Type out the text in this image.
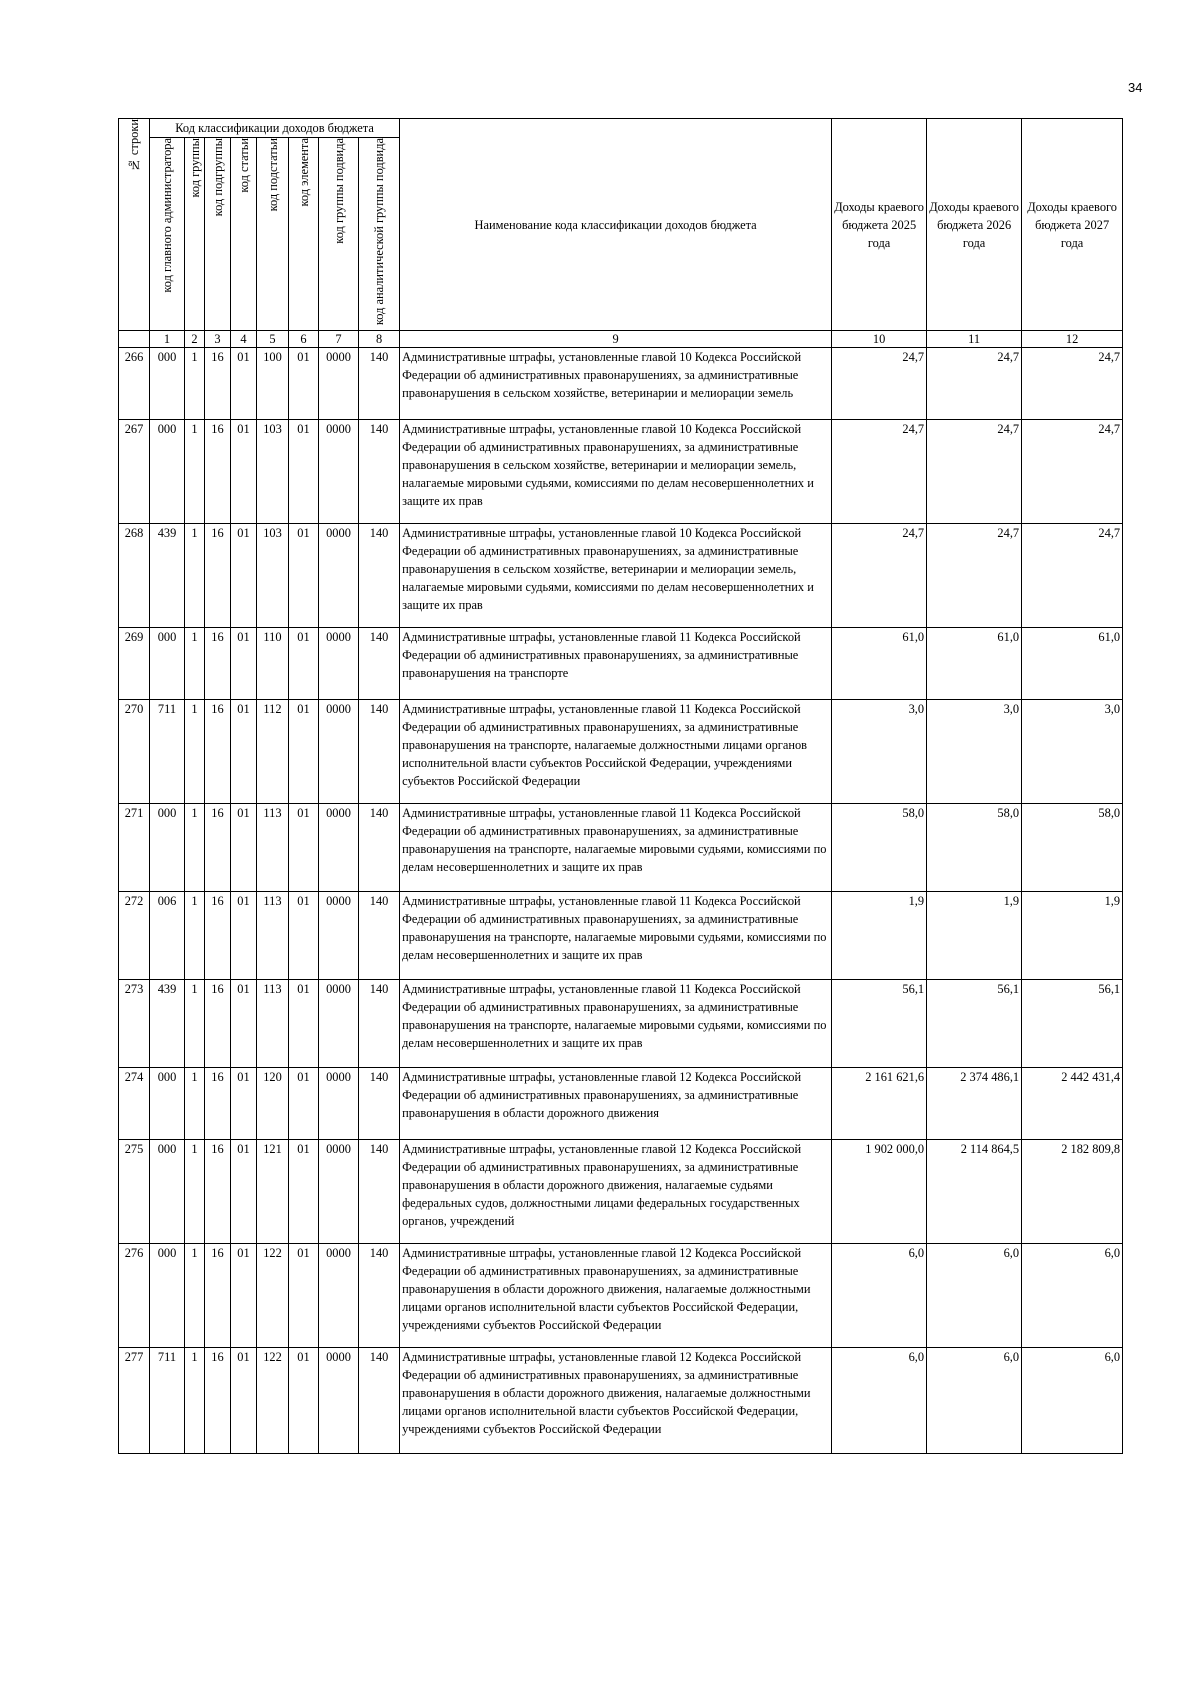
34
№ строки	Код классификации доходов бюджета								Наименование кода классификации доходов бюджета	Доходы краевого бюджета 2025 года	Доходы краевого бюджета 2026 года	Доходы краевого бюджета 2027 года
	код главного администратора	код группы	код подгруппы	код статьи	код подстатьи	код элемента	код группы подвида	код аналитической группы подвида				
	1	2	3	4	5	6	7	8	9	10	11	12
266	000	1	16	01	100	01	0000	140	Административные штрафы, установленные главой 10 Кодекса Российской Федерации об административных правонарушениях, за административные правонарушения в сельском хозяйстве, ветеринарии и мелиорации земель	24,7	24,7	24,7
267	000	1	16	01	103	01	0000	140	Административные штрафы, установленные главой 10 Кодекса Российской Федерации об административных правонарушениях, за административные правонарушения в сельском хозяйстве, ветеринарии и мелиорации земель, налагаемые мировыми судьями, комиссиями по делам несовершеннолетних и защите их прав	24,7	24,7	24,7
268	439	1	16	01	103	01	0000	140	Административные штрафы, установленные главой 10 Кодекса Российской Федерации об административных правонарушениях, за административные правонарушения в сельском хозяйстве, ветеринарии и мелиорации земель, налагаемые мировыми судьями, комиссиями по делам несовершеннолетних и защите их прав	24,7	24,7	24,7
269	000	1	16	01	110	01	0000	140	Административные штрафы, установленные главой 11 Кодекса Российской Федерации об административных правонарушениях, за административные правонарушения на транспорте	61,0	61,0	61,0
270	711	1	16	01	112	01	0000	140	Административные штрафы, установленные главой 11 Кодекса Российской Федерации об административных правонарушениях, за административные правонарушения на транспорте, налагаемые должностными лицами органов исполнительной власти субъектов Российской Федерации, учреждениями субъектов Российской Федерации	3,0	3,0	3,0
271	000	1	16	01	113	01	0000	140	Административные штрафы, установленные главой 11 Кодекса Российской Федерации об административных правонарушениях, за административные правонарушения на транспорте, налагаемые мировыми судьями, комиссиями по делам несовершеннолетних и защите их прав	58,0	58,0	58,0
272	006	1	16	01	113	01	0000	140	Административные штрафы, установленные главой 11 Кодекса Российской Федерации об административных правонарушениях, за административные правонарушения на транспорте, налагаемые мировыми судьями, комиссиями по делам несовершеннолетних и защите их прав	1,9	1,9	1,9
273	439	1	16	01	113	01	0000	140	Административные штрафы, установленные главой 11 Кодекса Российской Федерации об административных правонарушениях, за административные правонарушения на транспорте, налагаемые мировыми судьями, комиссиями по делам несовершеннолетних и защите их прав	56,1	56,1	56,1
274	000	1	16	01	120	01	0000	140	Административные штрафы, установленные главой 12 Кодекса Российской Федерации об административных правонарушениях, за административные правонарушения в области дорожного движения	2 161 621,6	2 374 486,1	2 442 431,4
275	000	1	16	01	121	01	0000	140	Административные штрафы, установленные главой 12 Кодекса Российской Федерации об административных правонарушениях, за административные правонарушения в области дорожного движения, налагаемые судьями федеральных судов, должностными лицами федеральных государственных органов, учреждений	1 902 000,0	2 114 864,5	2 182 809,8
276	000	1	16	01	122	01	0000	140	Административные штрафы, установленные главой 12 Кодекса Российской Федерации об административных правонарушениях, за административные правонарушения в области дорожного движения, налагаемые должностными лицами органов исполнительной власти субъектов Российской Федерации, учреждениями субъектов Российской Федерации	6,0	6,0	6,0
277	711	1	16	01	122	01	0000	140	Административные штрафы, установленные главой 12 Кодекса Российской Федерации об административных правонарушениях, за административные правонарушения в области дорожного движения, налагаемые должностными лицами органов исполнительной власти субъектов Российской Федерации, учреждениями субъектов Российской Федерации	6,0	6,0	6,0
